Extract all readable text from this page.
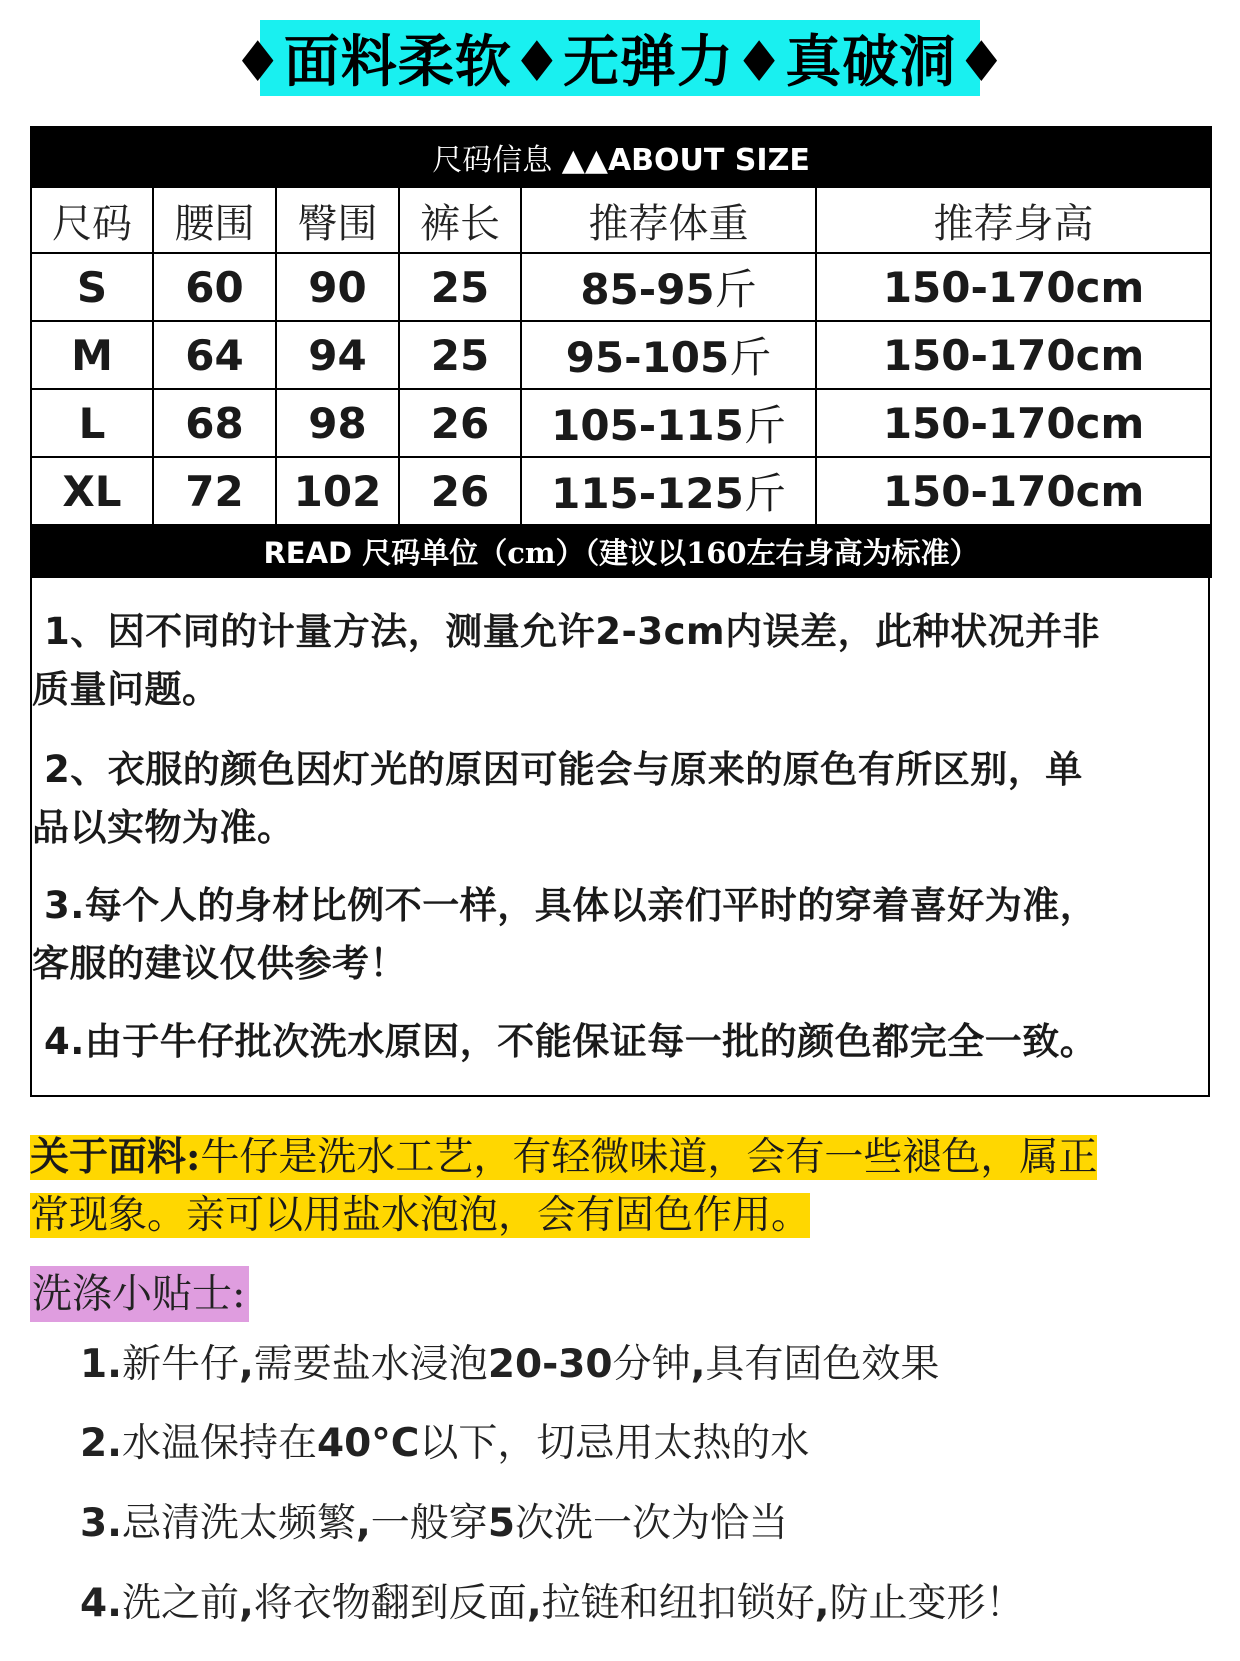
♦面料柔软♦无弹力♦真破洞♦
尺码信息 ▲▲ABOUT SIZE					
尺码	腰围	臀围	裤长	推荐体重	推荐身高
S	60	90	25	85-95斤	150-170cm
M	64	94	25	95-105斤	150-170cm
L	68	98	26	105-115斤	150-170cm
XL	72	102	26	115-125斤	150-170cm
READ 尺码单位（cm）（建议以160左右身高为标准）					
1、因不同的计量方法，测量允许2-3cm内误差，此种状况并非
质量问题。
2、衣服的颜色因灯光的原因可能会与原来的原色有所区别，单
品以实物为准。
3.每个人的身材比例不一样，具体以亲们平时的穿着喜好为准，
客服的建议仅供参考！
4.由于牛仔批次洗水原因，不能保证每一批的颜色都完全一致。
关于面料:牛仔是洗水工艺，有轻微味道，会有一些褪色，属正
常现象。亲可以用盐水泡泡，会有固色作用。
洗涤小贴士:
1.新牛仔,需要盐水浸泡20-30分钟,具有固色效果
2.水温保持在40°C以下，切忌用太热的水
3.忌清洗太频繁,一般穿5次洗一次为恰当
4.洗之前,将衣物翻到反面,拉链和纽扣锁好,防止变形！
